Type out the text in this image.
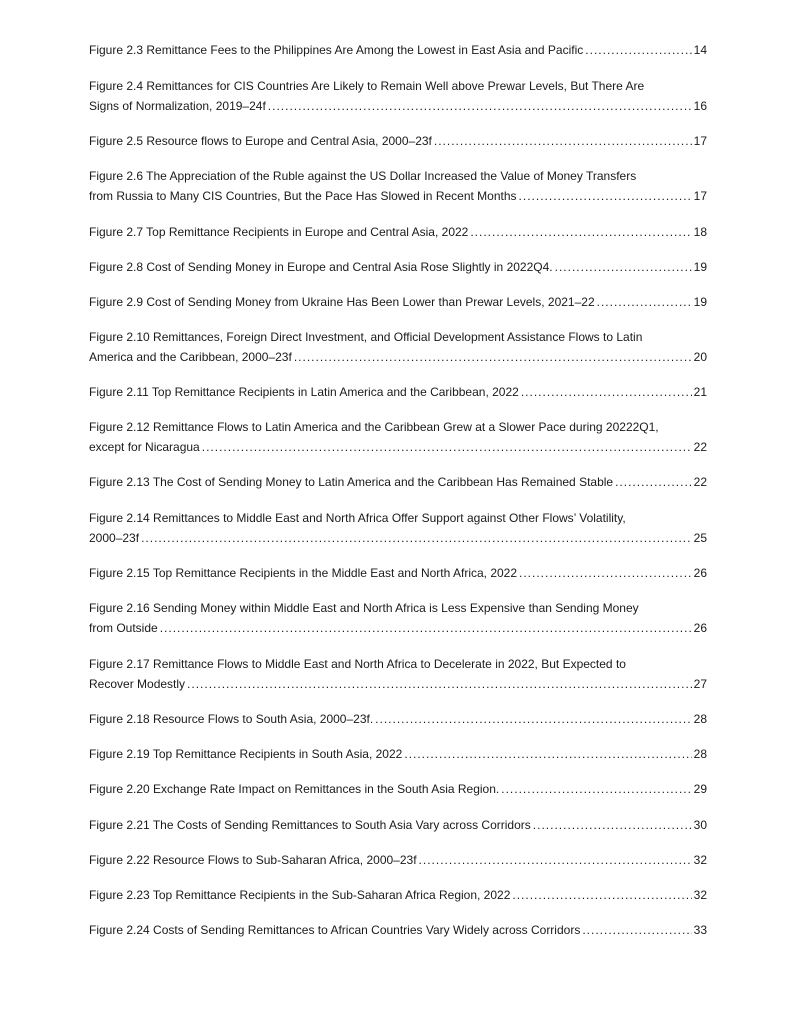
Figure 2.3 Remittance Fees to the Philippines Are Among the Lowest in East Asia and Pacific .....	14
Figure 2.4 Remittances for CIS Countries Are Likely to Remain Well above Prewar Levels, But There Are
Signs of Normalization, 2019–24f .....	16
Figure 2.5 Resource flows to Europe and Central Asia, 2000–23f .....	17
Figure 2.6 The Appreciation of the Ruble against the US Dollar Increased the Value of Money Transfers
from Russia to Many CIS Countries, But the Pace Has Slowed in Recent Months .....	17
Figure 2.7 Top Remittance Recipients in Europe and Central Asia, 2022 .....	18
Figure 2.8 Cost of Sending Money in Europe and Central Asia Rose Slightly in 2022Q4. .....	19
Figure 2.9 Cost of Sending Money from Ukraine Has Been Lower than Prewar Levels, 2021–22 .....	19
Figure 2.10 Remittances, Foreign Direct Investment, and Official Development Assistance Flows to Latin
America and the Caribbean, 2000–23f .....	20
Figure 2.11 Top Remittance Recipients in Latin America and the Caribbean, 2022 .....	21
Figure 2.12 Remittance Flows to Latin America and the Caribbean Grew at a Slower Pace during 20222Q1,
except for Nicaragua .....	22
Figure 2.13 The Cost of Sending Money to Latin America and the Caribbean Has Remained Stable .....	22
Figure 2.14 Remittances to Middle East and North Africa Offer Support against Other Flows’ Volatility,
2000–23f .....	25
Figure 2.15 Top Remittance Recipients in the Middle East and North Africa, 2022 .....	26
Figure 2.16 Sending Money within Middle East and North Africa is Less Expensive than Sending Money
from Outside .....	26
Figure 2.17 Remittance Flows to Middle East and North Africa to Decelerate in 2022, But Expected to
Recover Modestly .....	27
Figure 2.18 Resource Flows to South Asia, 2000–23f. .....	28
Figure 2.19 Top Remittance Recipients in South Asia, 2022 .....	28
Figure 2.20 Exchange Rate Impact on Remittances in the South Asia Region. .....	29
Figure 2.21 The Costs of Sending Remittances to South Asia Vary across Corridors .....	30
Figure 2.22 Resource Flows to Sub-Saharan Africa, 2000–23f .....	32
Figure 2.23 Top Remittance Recipients in the Sub-Saharan Africa Region, 2022 .....	32
Figure 2.24 Costs of Sending Remittances to African Countries Vary Widely across Corridors .....	33
